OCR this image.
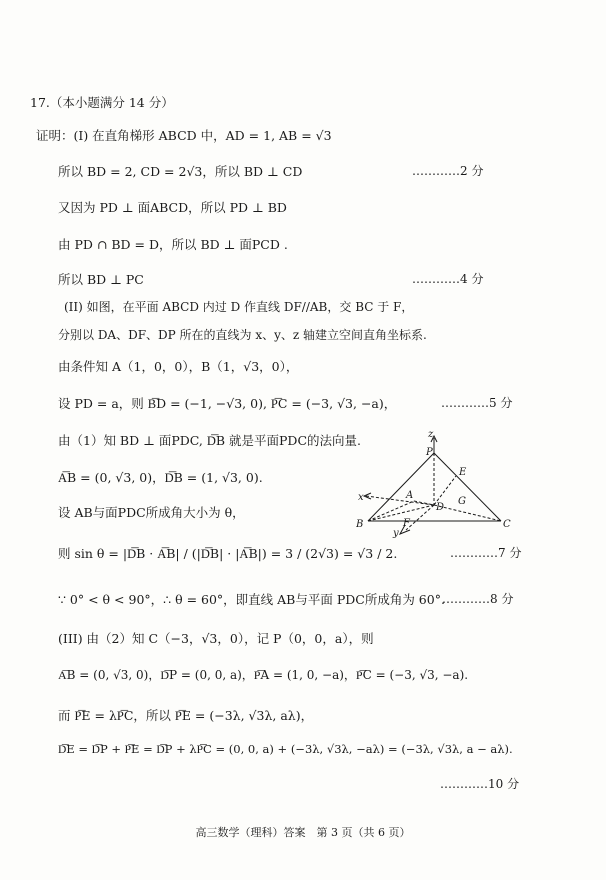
17.（本小题满分 14 分）
证明：(I) 在直角梯形 ABCD 中，AD = 1, AB = √3
所以 BD = 2, CD = 2√3，所以 BD ⊥ CD
又因为 PD ⊥ 面ABCD，所以 PD ⊥ BD
由 PD ∩ BD = D，所以 BD ⊥ 面PCD .
所以 BD ⊥ PC
(II) 如图，在平面 ABCD 内过 D 作直线 DF//AB，交 BC 于 F，
分别以 DA、DF、DP 所在的直线为 x、y、z 轴建立空间直角坐标系.
由条件知 A（1，0，0），B（1，√3，0），
设 PD = a，则 B͞D = (−1, −√3, 0), P͞C = (−3, √3, −a)，
由（1）知 BD ⊥ 面PDC, D͞B 就是平面PDC的法向量.
A͞B = (0, √3, 0)，D͞B = (1, √3, 0).
设 AB与面PDC所成角大小为 θ，
则 sin θ = |D͞B · A͞B| / (|D͞B| · |A͞B|) = 3 / (2√3) = √3 / 2.
∵ 0° < θ < 90°，∴ θ = 60°，即直线 AB与平面 PDC所成角为 60°.
(III) 由（2）知 C（−3，√3，0），记 P（0，0，a），则
A͞B = (0, √3, 0)，D͞P = (0, 0, a)，P͞A = (1, 0, −a)，P͞C = (−3, √3, −a).
而 P͞E = λP͞C，所以 P͞E = (−3λ, √3λ, aλ)，
D͞E = D͞P + P͞E = D͞P + λP͞C = (0, 0, a) + (−3λ, √3λ, −aλ) = (−3λ, √3λ, a − aλ).
…………2 分
…………4 分
…………5 分
…………7 分
…………8 分
…………10 分
z
P
E
x	A
D
G
B	C
y
F
高三数学（理科）答案　第 3 页（共 6 页）
